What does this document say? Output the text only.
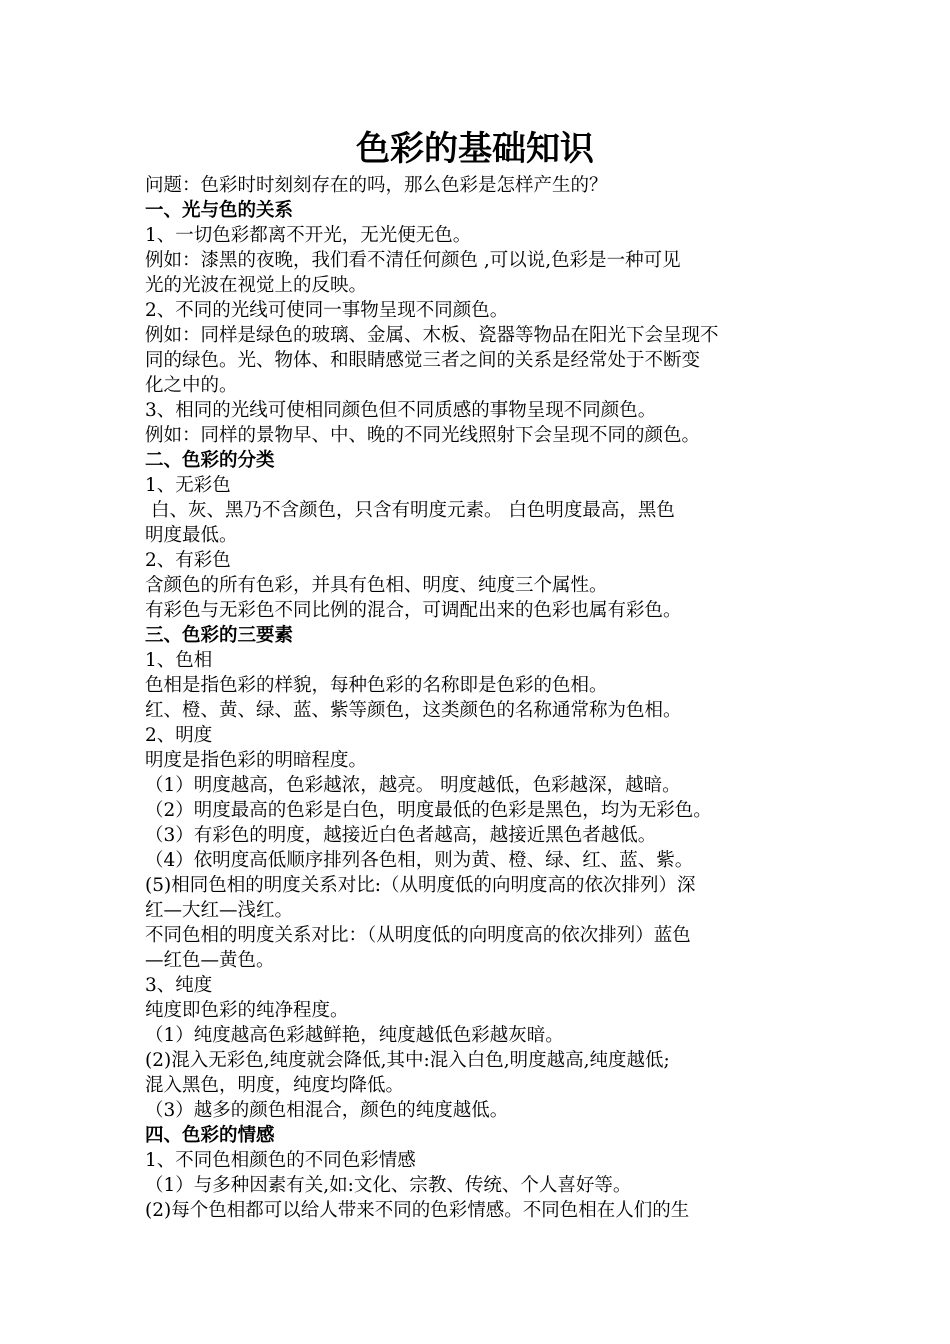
色彩的基础知识
问题：色彩时时刻刻存在的吗，那么色彩是怎样产生的？
一、光与色的关系
1、一切色彩都离不开光，无光便无色。
例如：漆黑的夜晚，我们看不清任何颜色 ,可以说,色彩是一种可见
光的光波在视觉上的反映。
2、不同的光线可使同一事物呈现不同颜色。
例如：同样是绿色的玻璃、金属、木板、瓷器等物品在阳光下会呈现不
同的绿色。光、物体、和眼睛感觉三者之间的关系是经常处于不断变
化之中的。
3、相同的光线可使相同颜色但不同质感的事物呈现不同颜色。
例如：同样的景物早、中、晚的不同光线照射下会呈现不同的颜色。
二、色彩的分类
1、无彩色
白、灰、黑乃不含颜色，只含有明度元素。 白色明度最高，黑色
明度最低。
2、有彩色
含颜色的所有色彩，并具有色相、明度、纯度三个属性。
有彩色与无彩色不同比例的混合，可调配出来的色彩也属有彩色。
三、色彩的三要素
1、色相
色相是指色彩的样貌，每种色彩的名称即是色彩的色相。
红、橙、黄、绿、蓝、紫等颜色，这类颜色的名称通常称为色相。
2、明度
明度是指色彩的明暗程度。
（1）明度越高，色彩越浓，越亮。 明度越低，色彩越深，越暗。
（2）明度最高的色彩是白色，明度最低的色彩是黑色，均为无彩色。
（3）有彩色的明度，越接近白色者越高，越接近黑色者越低。
（4）依明度高低顺序排列各色相，则为黄、橙、绿、红、蓝、紫。
(5)相同色相的明度关系对比:（从明度低的向明度高的依次排列）深
红—大红—浅红。
不同色相的明度关系对比：（从明度低的向明度高的依次排列）蓝色
—红色—黄色。
3、纯度
纯度即色彩的纯净程度。
（1）纯度越高色彩越鲜艳，纯度越低色彩越灰暗。
(2)混入无彩色,纯度就会降低,其中:混入白色,明度越高,纯度越低;
混入黑色，明度，纯度均降低。
（3）越多的颜色相混合，颜色的纯度越低。
四、色彩的情感
1、不同色相颜色的不同色彩情感
（1）与多种因素有关,如:文化、宗教、传统、个人喜好等。
(2)每个色相都可以给人带来不同的色彩情感。不同色相在人们的生
